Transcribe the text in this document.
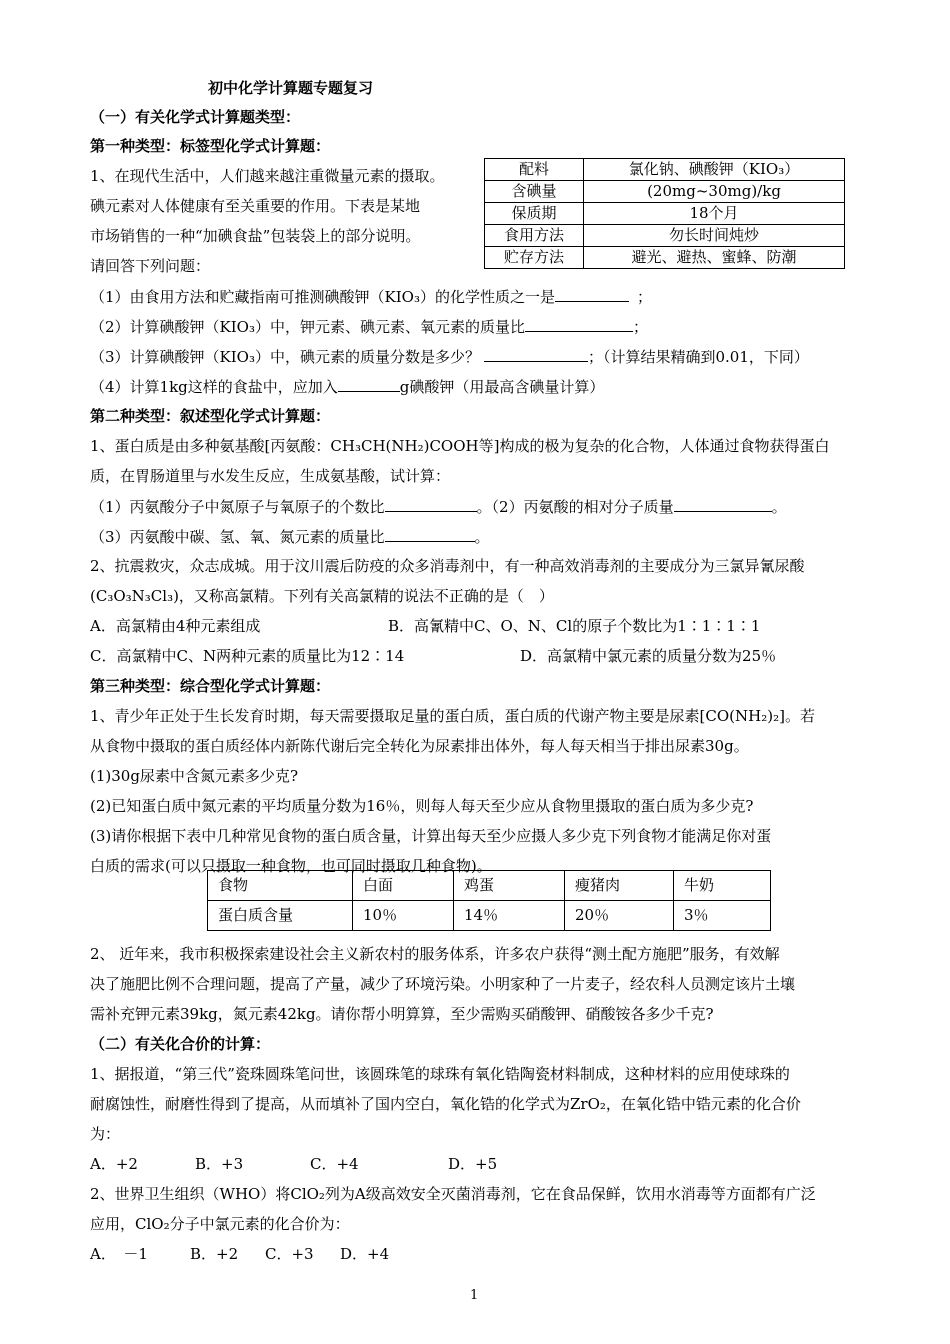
初中化学计算题专题复习
（一）有关化学式计算题类型：
第一种类型：标签型化学式计算题：
1、在现代生活中，人们越来越注重微量元素的摄取。
碘元素对人体健康有至关重要的作用。下表是某地
市场销售的一种“加碘食盐”包装袋上的部分说明。
请回答下列问题：
配料	氯化钠、碘酸钾（KIO₃）
含碘量	(20mg~30mg)/kg
保质期	18个月
食用方法	勿长时间炖炒
贮存方法	避光、避热、蜜蜂、防潮
（1）由食用方法和贮藏指南可推测碘酸钾（KIO₃）的化学性质之一是	；
（2）计算碘酸钾（KIO₃）中，钾元素、碘元素、氧元素的质量比	；
（3）计算碘酸钾（KIO₃）中，碘元素的质量分数是多少？	；（计算结果精确到0.01，下同）
（4）计算1kg这样的食盐中，应加入	g碘酸钾（用最高含碘量计算）
第二种类型：叙述型化学式计算题：
1、蛋白质是由多种氨基酸[丙氨酸：CH₃CH(NH₂)COOH等]构成的极为复杂的化合物，人体通过食物获得蛋白
质，在胃肠道里与水发生反应，生成氨基酸，试计算：
（1）丙氨酸分子中氮原子与氧原子的个数比	。（2）丙氨酸的相对分子质量	。
（3）丙氨酸中碳、氢、氧、氮元素的质量比	。
2、抗震救灾，众志成城。用于汶川震后防疫的众多消毒剂中，有一种高效消毒剂的主要成分为三氯异氰尿酸
(C₃O₃N₃Cl₃)，又称高氯精。下列有关高氯精的说法不正确的是（　）
A．高氯精由4种元素组成	B．高氰精中C、O、N、Cl的原子个数比为1∶1∶1∶1
C．高氯精中C、N两种元素的质量比为12∶14	D．高氯精中氯元素的质量分数为25％
第三种类型：综合型化学式计算题：
1、青少年正处于生长发育时期，每天需要摄取足量的蛋白质，蛋白质的代谢产物主要是尿素[CO(NH₂)₂]。若
从食物中摄取的蛋白质经体内新陈代谢后完全转化为尿素排出体外，每人每天相当于排出尿素30g。
(1)30g尿素中含氮元素多少克?
(2)已知蛋白质中氮元素的平均质量分数为16％，则每人每天至少应从食物里摄取的蛋白质为多少克?
(3)请你根据下表中几种常见食物的蛋白质含量，计算出每天至少应摄人多少克下列食物才能满足你对蛋
白质的需求(可以只摄取一种食物，也可同时摄取几种食物)。
食物	白面	鸡蛋	瘦猪肉	牛奶
蛋白质含量	10％	14％	20％	3％
2、 近年来，我市积极探索建设社会主义新农村的服务体系，许多农户获得“测土配方施肥”服务，有效解
决了施肥比例不合理问题，提高了产量，减少了环境污染。小明家种了一片麦子，经农科人员测定该片土壤
需补充钾元素39kg，氮元素42kg。请你帮小明算算，至少需购买硝酸钾、硝酸铵各多少千克?
（二）有关化合价的计算：
1、据报道，“第三代”瓷珠圆珠笔问世，该圆珠笔的球珠有氧化锆陶瓷材料制成，这种材料的应用使球珠的
耐腐蚀性，耐磨性得到了提高，从而填补了国内空白，氧化锆的化学式为ZrO₂，在氧化锆中锆元素的化合价
为：
A．+2	B．+3	C．+4	D．+5
2、世界卫生组织（WHO）将ClO₂列为A级高效安全灭菌消毒剂，它在食品保鲜，饮用水消毒等方面都有广泛
应用，ClO₂分子中氯元素的化合价为：
A．　－1	B．+2 C．+3 D．+4
1
